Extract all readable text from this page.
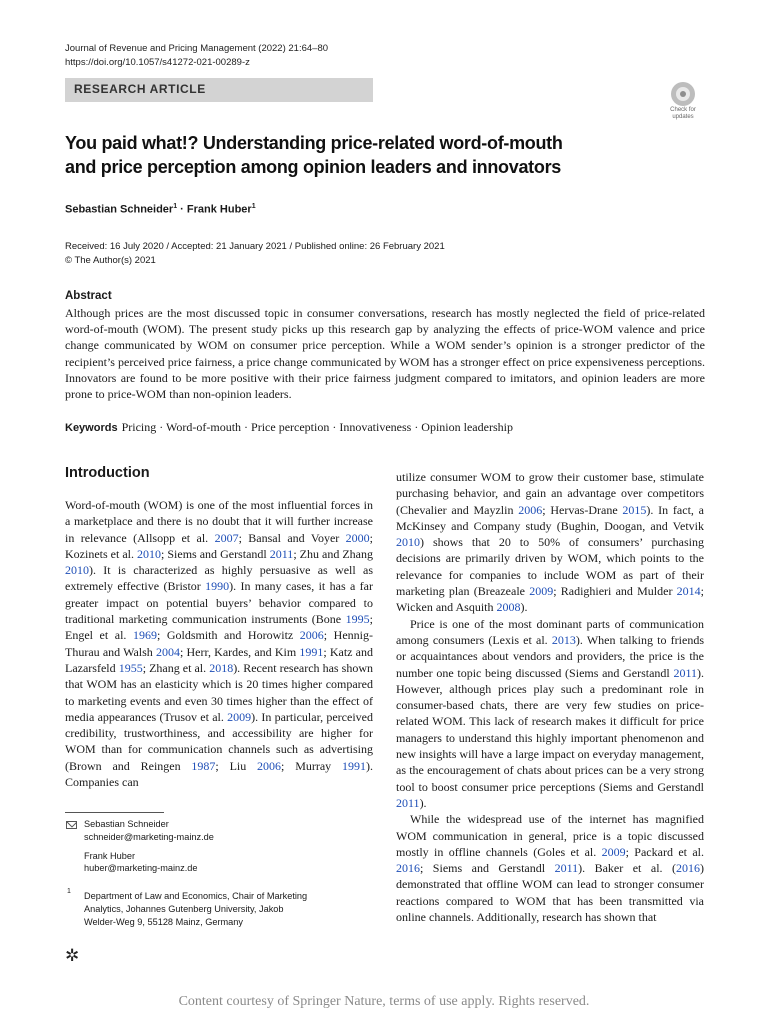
Journal of Revenue and Pricing Management (2022) 21:64–80
https://doi.org/10.1057/s41272-021-00289-z
RESEARCH ARTICLE
Check for
updates
You paid what!? Understanding price-related word-of-mouth
and price perception among opinion leaders and innovators
Sebastian Schneider$^1$ · Frank Huber$^1$
Received: 16 July 2020 / Accepted: 21 January 2021 / Published online: 26 February 2021
© The Author(s) 2021
Abstract
Although prices are the most discussed topic in consumer conversations, research has mostly neglected the field of price-related word-of-mouth (WOM). The present study picks up this research gap by analyzing the effects of price-WOM valence and price change communicated by WOM on consumer price perception. While a WOM sender’s opinion is a stronger predictor of the recipient’s perceived price fairness, a price change communicated by WOM has a stronger effect on price expensiveness perceptions. Innovators are found to be more positive with their price fairness judgment compared to imitators, and opinion leaders are more prone to price-WOM than non-opinion leaders.
Keywords Pricing · Word-of-mouth · Price perception · Innovativeness · Opinion leadership
Introduction

Word-of-mouth (WOM) is one of the most influential forces in a marketplace and there is no doubt that it will further increase in relevance (Allsopp et al. 2007; Bansal and Voyer 2000; Kozinets et al. 2010; Siems and Gerstandl 2011; Zhu and Zhang 2010). It is characterized as highly persuasive as well as extremely effective (Bristor 1990). In many cases, it has a far greater impact on potential buyers’ behavior compared to traditional marketing communication instruments (Bone 1995; Engel et al. 1969; Goldsmith and Horowitz 2006; Hennig-Thurau and Walsh 2004; Herr, Kardes, and Kim 1991; Katz and Lazarsfeld 1955; Zhang et al. 2018). Recent research has shown that WOM has an elasticity which is 20 times higher compared to marketing events and even 30 times higher than the effect of media appearances (Trusov et al. 2009). In particular, perceived credibility, trustworthiness, and accessibility are higher for WOM than for communication channels such as advertising (Brown and Reingen 1987; Liu 2006; Murray 1991). Companies can

utilize consumer WOM to grow their customer base, stimulate purchasing behavior, and gain an advantage over competitors (Chevalier and Mayzlin 2006; Hervas-Drane 2015). In fact, a McKinsey and Company study (Bughin, Doogan, and Vetvik 2010) shows that 20 to 50% of consumers’ purchasing decisions are primarily driven by WOM, which points to the relevance for companies to include WOM as part of their marketing plan (Breazeale 2009; Radighieri and Mulder 2014; Wicken and Asquith 2008).

Price is one of the most dominant parts of communication among consumers (Lexis et al. 2013). When talking to friends or acquaintances about vendors and providers, the price is the number one topic being discussed (Siems and Gerstandl 2011). However, although prices play such a predominant role in consumer-based chats, there are very few studies on price-related WOM. This lack of research makes it difficult for price managers to understand this highly important phenomenon and new insights will have a large impact on everyday management, as the encouragement of chats about prices can be a very strong tool to boost consumer price perceptions (Siems and Gerstandl 2011).

While the widespread use of the internet has magnified WOM communication in general, price is a topic discussed mostly in offline channels (Goles et al. 2009; Packard et al. 2016; Siems and Gerstandl 2011). Baker et al. (2016) demonstrated that offline WOM can lead to stronger consumer reactions compared to WOM that has been transmitted via online channels. Additionally, research has shown that

Sebastian Schneider
schneider@marketing-mainz.de
Frank Huber
huber@marketing-mainz.de
1 Department of Law and Economics, Chair of Marketing
Analytics, Johannes Gutenberg University, Jakob
Welder-Weg 9, 55128 Mainz, Germany
✲
Content courtesy of Springer Nature, terms of use apply. Rights reserved.
